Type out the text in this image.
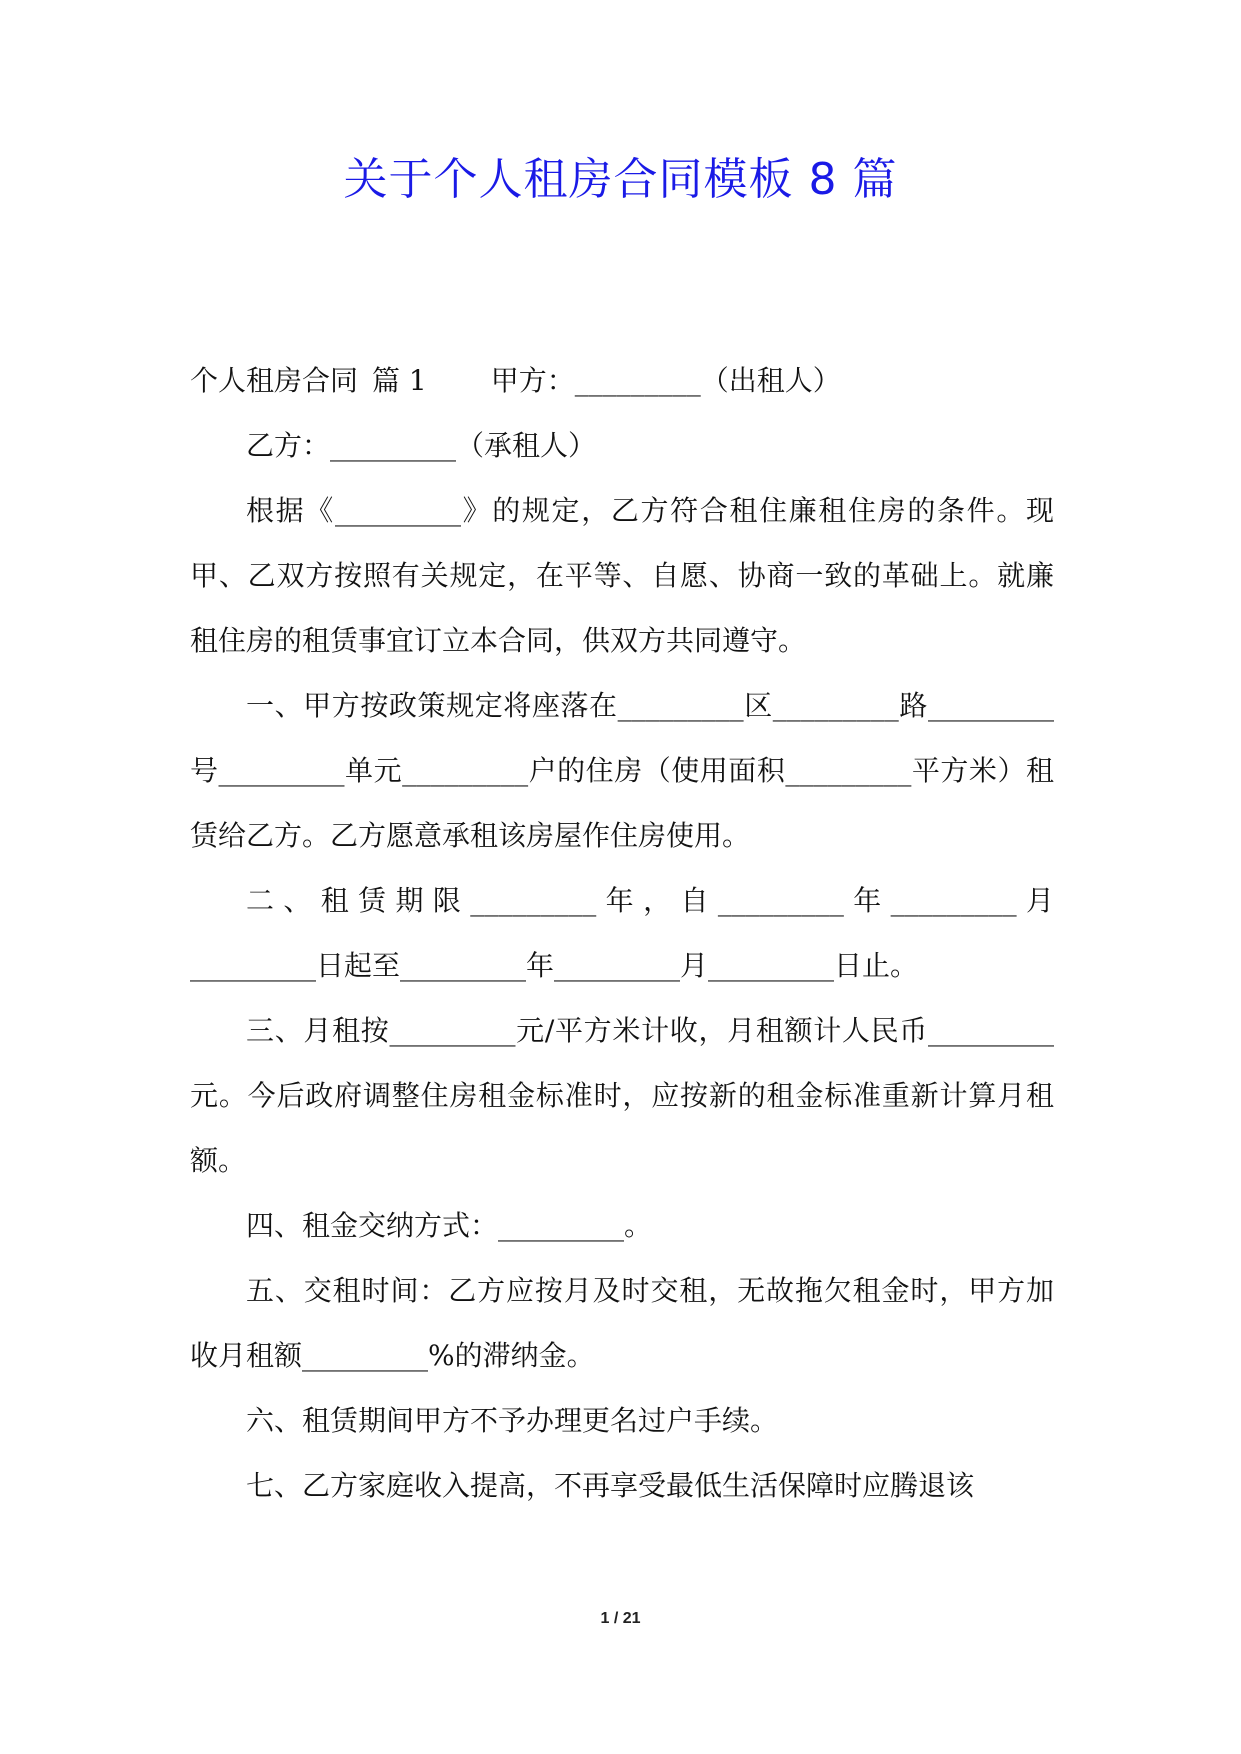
关于个人租房合同模板 8 篇

个人租房合同 篇 1 甲方：_________（出租人）

乙方：_________（承租人）

根据《_________》的规定，乙方符合租住廉租住房的条件。现甲、乙双方按照有关规定，在平等、自愿、协商一致的革础上。就廉租住房的租赁事宜订立本合同，供双方共同遵守。

一、甲方按政策规定将座落在_________区_________路_________号_________单元_________户的住房（使用面积_________平方米）租赁给乙方。乙方愿意承租该房屋作住房使用。

二、租赁期限_________年，自_________年_________月_________日起至_________年_________月_________日止。

三、月租按_________元/平方米计收，月租额计人民币_________元。今后政府调整住房租金标准时，应按新的租金标准重新计算月租额。

四、租金交纳方式：_________。

五、交租时间：乙方应按月及时交租，无故拖欠租金时，甲方加收月租额_________%的滞纳金。

六、租赁期间甲方不予办理更名过户手续。

七、乙方家庭收入提高，不再享受最低生活保障时应腾退该

1 / 21
